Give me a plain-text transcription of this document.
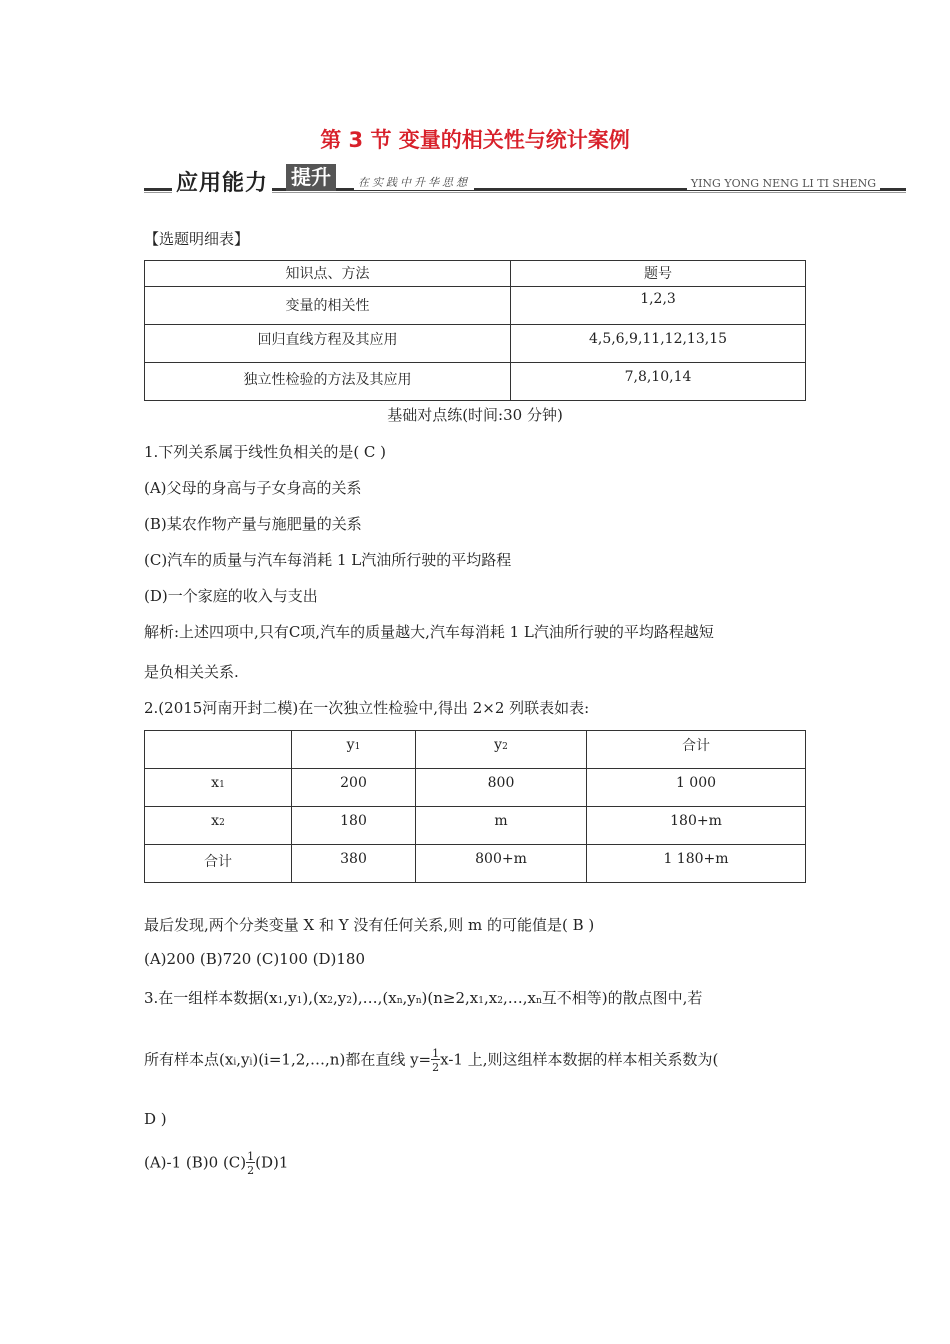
第 3 节 变量的相关性与统计案例
应用能力 提升	在实践中升华思想	YING YONG NENG LI TI SHENG
【选题明细表】
知识点、方法	题号
变量的相关性	1,2,3
回归直线方程及其应用	4,5,6,9,11,12,13,15
独立性检验的方法及其应用	7,8,10,14
基础对点练(时间:30 分钟)
1.下列关系属于线性负相关的是( C )
(A)父母的身高与子女身高的关系
(B)某农作物产量与施肥量的关系
(C)汽车的质量与汽车每消耗 1 L汽油所行驶的平均路程
(D)一个家庭的收入与支出
解析:上述四项中,只有C项,汽车的质量越大,汽车每消耗 1 L汽油所行驶的平均路程越短
是负相关关系.
2.(2015河南开封二模)在一次独立性检验中,得出 2×2 列联表如表:
	y1	y2	合计
x1	200	800	1 000
x2	180	m	180+m
合计	380	800+m	1 180+m
最后发现,两个分类变量 X 和 Y 没有任何关系,则 m 的可能值是( B )
(A)200 (B)720 (C)100 (D)180
3.在一组样本数据(x1,y1),(x2,y2),…,(xn,yn)(n≥2,x1,x2,…,xn互不相等)的散点图中,若
所有样本点(xi,yi)(i=1,2,…,n)都在直线 $y= \frac{1}{2} x-1$ 上,则这组样本数据的样本相关系数为(
D )
(A)-1 (B)0 $(C) \frac{1}{2} (D)1$
